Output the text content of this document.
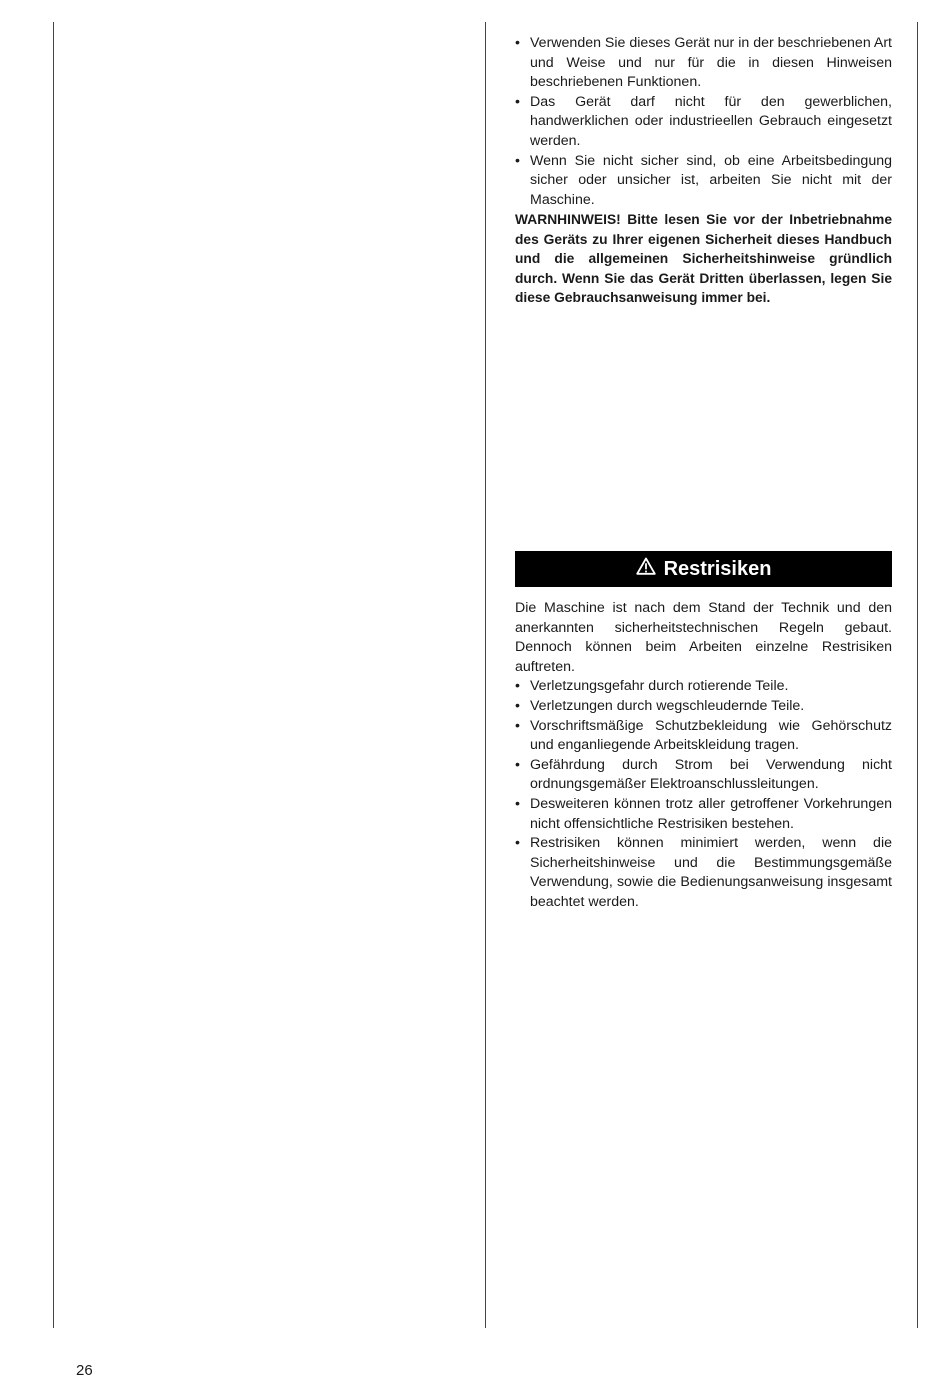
• Verwenden Sie dieses Gerät nur in der beschriebenen Art und Weise und nur für die in diesen Hinweisen beschriebenen Funktionen.
• Das Gerät darf nicht für den gewerblichen, handwerklichen oder industrieellen Gebrauch eingesetzt werden.
• Wenn Sie nicht sicher sind, ob eine Arbeitsbedingung sicher oder unsicher ist, arbeiten Sie nicht mit der Maschine.
WARNHINWEIS! Bitte lesen Sie vor der Inbetriebnahme des Geräts zu Ihrer eigenen Sicherheit dieses Handbuch und die allgemeinen Sicherheitshinweise gründlich durch. Wenn Sie das Gerät Dritten überlassen, legen Sie diese Gebrauchsanweisung immer bei.
Restrisiken
Die Maschine ist nach dem Stand der Technik und den anerkannten sicherheitstechnischen Regeln gebaut. Dennoch können beim Arbeiten einzelne Restrisiken auftreten.
• Verletzungsgefahr durch rotierende Teile.
• Verletzungen durch wegschleudernde Teile.
• Vorschriftsmäßige Schutzbekleidung wie Gehörschutz und enganliegende Arbeitskleidung tragen.
• Gefährdung durch Strom bei Verwendung nicht ordnungsgemäßer Elektroanschlussleitungen.
• Desweiteren können trotz aller getroffener Vorkehrungen nicht offensichtliche Restrisiken bestehen.
• Restrisiken können minimiert werden, wenn die Sicherheitshinweise und die Bestimmungsgemäße Verwendung, sowie die Bedienungsanweisung insgesamt beachtet werden.
26
